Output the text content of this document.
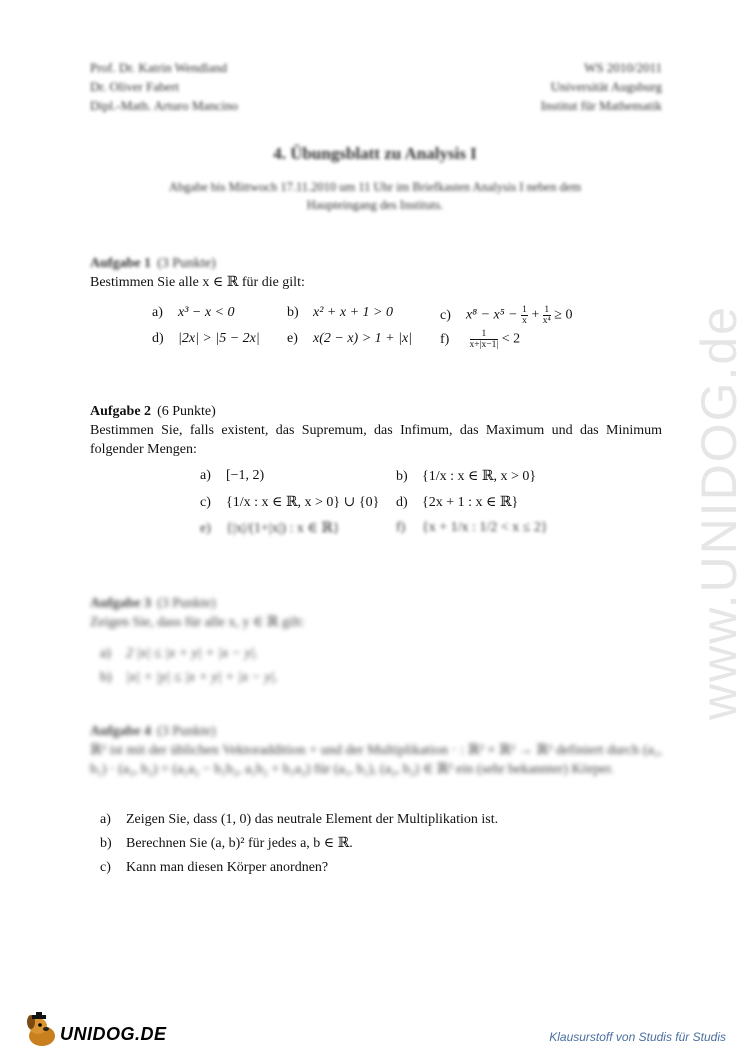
www.UNIDOG.de
Prof. Dr. Katrin Wendland
Dr. Oliver Fabert
Dipl.-Math. Arturo Mancino
WS 2010/2011
Universität Augsburg
Institut für Mathematik
4. Übungsblatt zu Analysis I
Abgabe bis Mittwoch 17.11.2010 um 11 Uhr im Briefkasten Analysis I neben dem Haupteingang des Instituts.
Aufgabe 1 (3 Punkte)
Bestimmen Sie alle x ∈ ℝ für die gilt:
a) x³ − x < 0	b) x² + x + 1 > 0	c) $x^8 - x^5 - \frac{1}{x} + \frac{1}{\text{x⁴}} \ge 0$
d) |2x| > |5 − 2x| e) x(2 − x) > 1 + |x| $f) \frac{1}{x+|x-1|} < 2$
Aufgabe 2 (6 Punkte)
Bestimmen Sie, falls existent, das Supremum, das Infimum, das Maximum und das Minimum folgender Mengen:
a) [−1, 2)	b) {1/x : x ∈ ℝ, x > 0}
c) {1/x : x ∈ ℝ, x > 0} ∪ {0} d) {2x + 1 : x ∈ ℝ}
e) {|x|/(1+|x|) : x ∈ ℝ}	f) {x + 1/x : 1/2 < x ≤ 2}
Aufgabe 3 (3 Punkte)
Zeigen Sie, dass für alle x, y ∈ ℝ gilt:
a) 2 |x| ≤ |x + y| + |x − y|.
b) |x| + |y| ≤ |x + y| + |x − y|.
Aufgabe 4 (3 Punkte)
ℝ² ist mit der üblichen Vektoraddition + und der Multiplikation · : ℝ² × ℝ² → ℝ² definiert durch (a₁, b₁) · (a₂, b₂) = (a₁a₂ − b₁b₂, a₁b₂ + b₁a₂) für (a₁, b₁), (a₂, b₂) ∈ ℝ² ein (sehr bekannter) Körper.
a) Zeigen Sie, dass (1, 0) das neutrale Element der Multiplikation ist.
b) Berechnen Sie (a, b)² für jedes a, b ∈ ℝ.
c) Kann man diesen Körper anordnen?
UNIDOG.DE	Klausurstoff von Studis für Studis
